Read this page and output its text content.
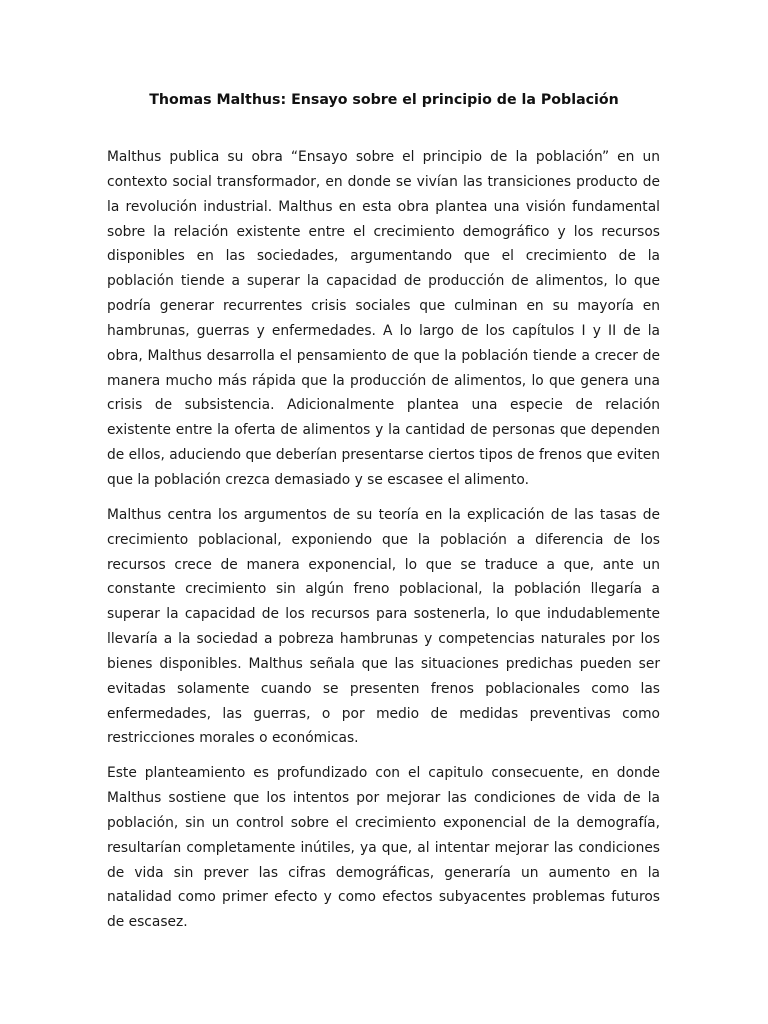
Thomas Malthus: Ensayo sobre el principio de la Población

Malthus publica su obra “Ensayo sobre el principio de la población” en un contexto social transformador, en donde se vivían las transiciones producto de la revolución industrial. Malthus en esta obra plantea una visión fundamental sobre la relación existente entre el crecimiento demográfico y los recursos disponibles en las sociedades, argumentando que el crecimiento de la población tiende a superar la capacidad de producción de alimentos, lo que podría generar recurrentes crisis sociales que culminan en su mayoría en hambrunas, guerras y enfermedades. A lo largo de los capítulos I y II de la obra, Malthus desarrolla el pensamiento de que la población tiende a crecer de manera mucho más rápida que la producción de alimentos, lo que genera una crisis de subsistencia. Adicionalmente plantea una especie de relación existente entre la oferta de alimentos y la cantidad de personas que dependen de ellos, aduciendo que deberían presentarse ciertos tipos de frenos que eviten que la población crezca demasiado y se escasee el alimento.

Malthus centra los argumentos de su teoría en la explicación de las tasas de crecimiento poblacional, exponiendo que la población a diferencia de los recursos crece de manera exponencial, lo que se traduce a que, ante un constante crecimiento sin algún freno poblacional, la población llegaría a superar la capacidad de los recursos para sostenerla, lo que indudablemente llevaría a la sociedad a pobreza hambrunas y competencias naturales por los bienes disponibles. Malthus señala que las situaciones predichas pueden ser evitadas solamente cuando se presenten frenos poblacionales como las enfermedades, las guerras, o por medio de medidas preventivas como restricciones morales o económicas.

Este planteamiento es profundizado con el capitulo consecuente, en donde Malthus sostiene que los intentos por mejorar las condiciones de vida de la población, sin un control sobre el crecimiento exponencial de la demografía, resultarían completamente inútiles, ya que, al intentar mejorar las condiciones de vida sin prever las cifras demográficas, generaría un aumento en la natalidad como primer efecto y como efectos subyacentes problemas futuros de escasez.
